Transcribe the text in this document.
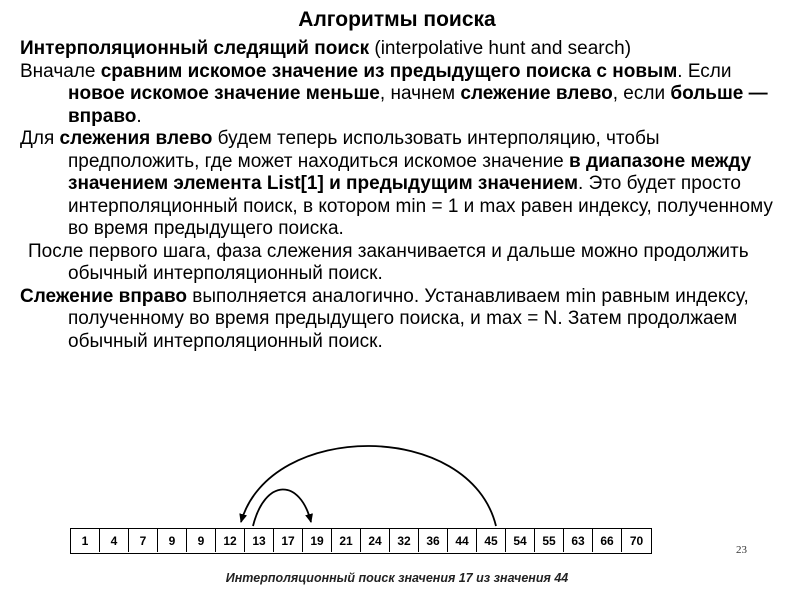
Алгоритмы поиска

Интерполяционный следящий поиск (interpolative hunt and search)

Вначале сравним искомое значение из предыдущего поиска с новым. Если новое искомое значение меньше, начнем слежение влево, если больше — вправо.

Для слежения влево будем теперь использовать интерполяцию, чтобы предположить, где может находиться искомое значение в диапазоне между значением элемента List[1] и предыдущим значением. Это будет просто интерполяционный поиск, в котором min = 1 и max равен индексу, полученному во время предыдущего поиска.

После первого шага, фаза слежения заканчивается и дальше можно продолжить обычный интерполяционный поиск.

Слежение вправо выполняется аналогично. Устанавливаем min равным индексу, полученному во время предыдущего поиска, и max = N. Затем продолжаем обычный интерполяционный поиск.

1	4	7	9	9	12	13	17	19	21	24	32	36	44	45	54	55	63	66	70
Интерполяционный поиск значения 17 из значения 44
23
